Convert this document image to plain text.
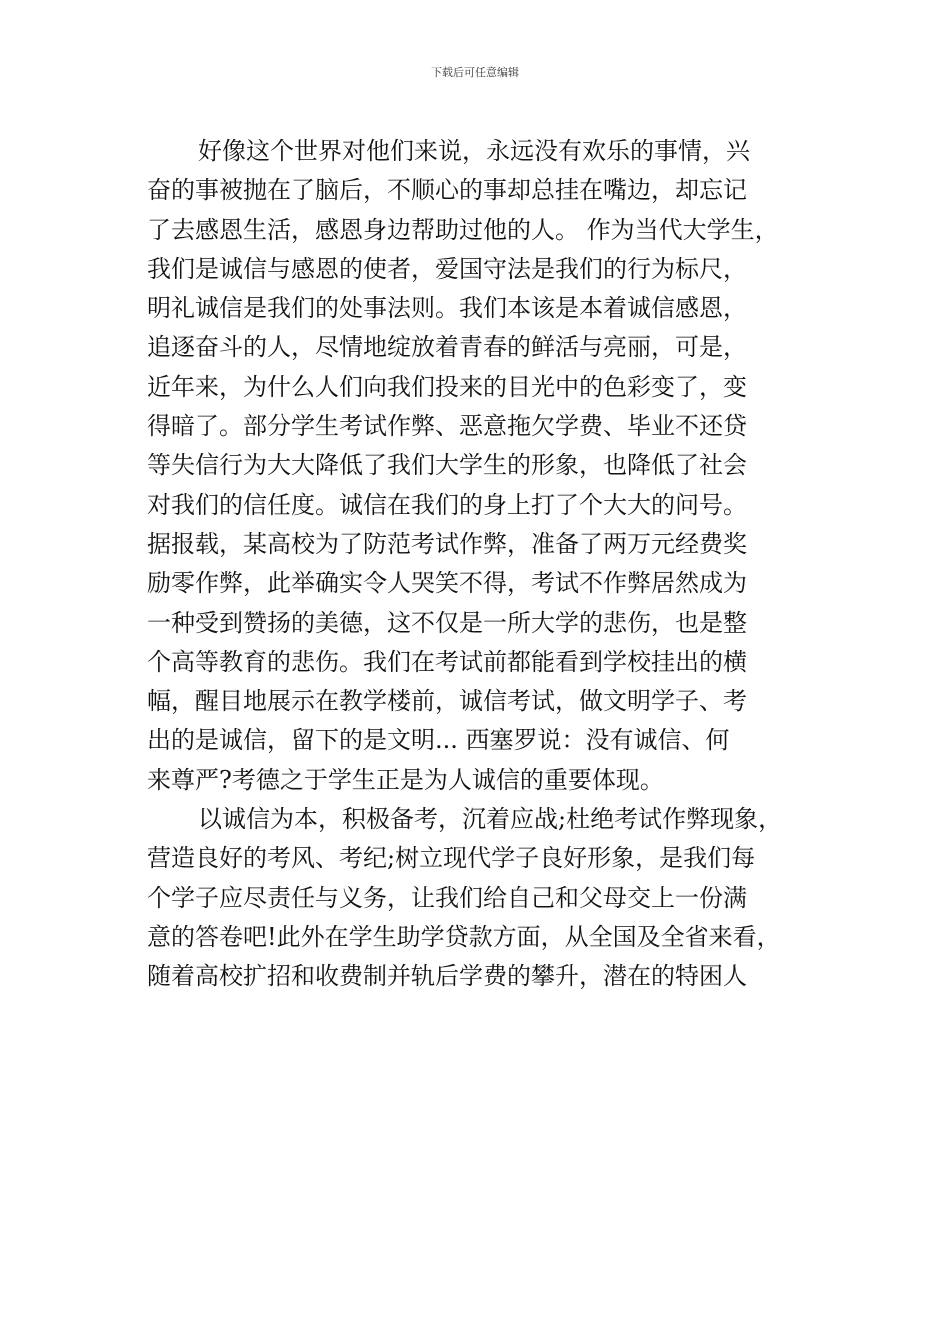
下载后可任意编辑
好像这个世界对他们来说，永远没有欢乐的事情，兴
奋的事被抛在了脑后，不顺心的事却总挂在嘴边，却忘记
了去感恩生活，感恩身边帮助过他的人。 作为当代大学生，
我们是诚信与感恩的使者，爱国守法是我们的行为标尺，
明礼诚信是我们的处事法则。我们本该是本着诚信感恩，
追逐奋斗的人，尽情地绽放着青春的鲜活与亮丽，可是，
近年来，为什么人们向我们投来的目光中的色彩变了，变
得暗了。部分学生考试作弊、恶意拖欠学费、毕业不还贷
等失信行为大大降低了我们大学生的形象，也降低了社会
对我们的信任度。诚信在我们的身上打了个大大的问号。
据报载，某高校为了防范考试作弊，准备了两万元经费奖
励零作弊，此举确实令人哭笑不得，考试不作弊居然成为
一种受到赞扬的美德，这不仅是一所大学的悲伤，也是整
个高等教育的悲伤。我们在考试前都能看到学校挂出的横
幅，醒目地展示在教学楼前，诚信考试，做文明学子、考
出的是诚信，留下的是文明... 西塞罗说：没有诚信、何
来尊严?考德之于学生正是为人诚信的重要体现。
以诚信为本，积极备考，沉着应战;杜绝考试作弊现象，
营造良好的考风、考纪;树立现代学子良好形象，是我们每
个学子应尽责任与义务，让我们给自己和父母交上一份满
意的答卷吧!此外在学生助学贷款方面，从全国及全省来看，
随着高校扩招和收费制并轨后学费的攀升，潜在的特困人
